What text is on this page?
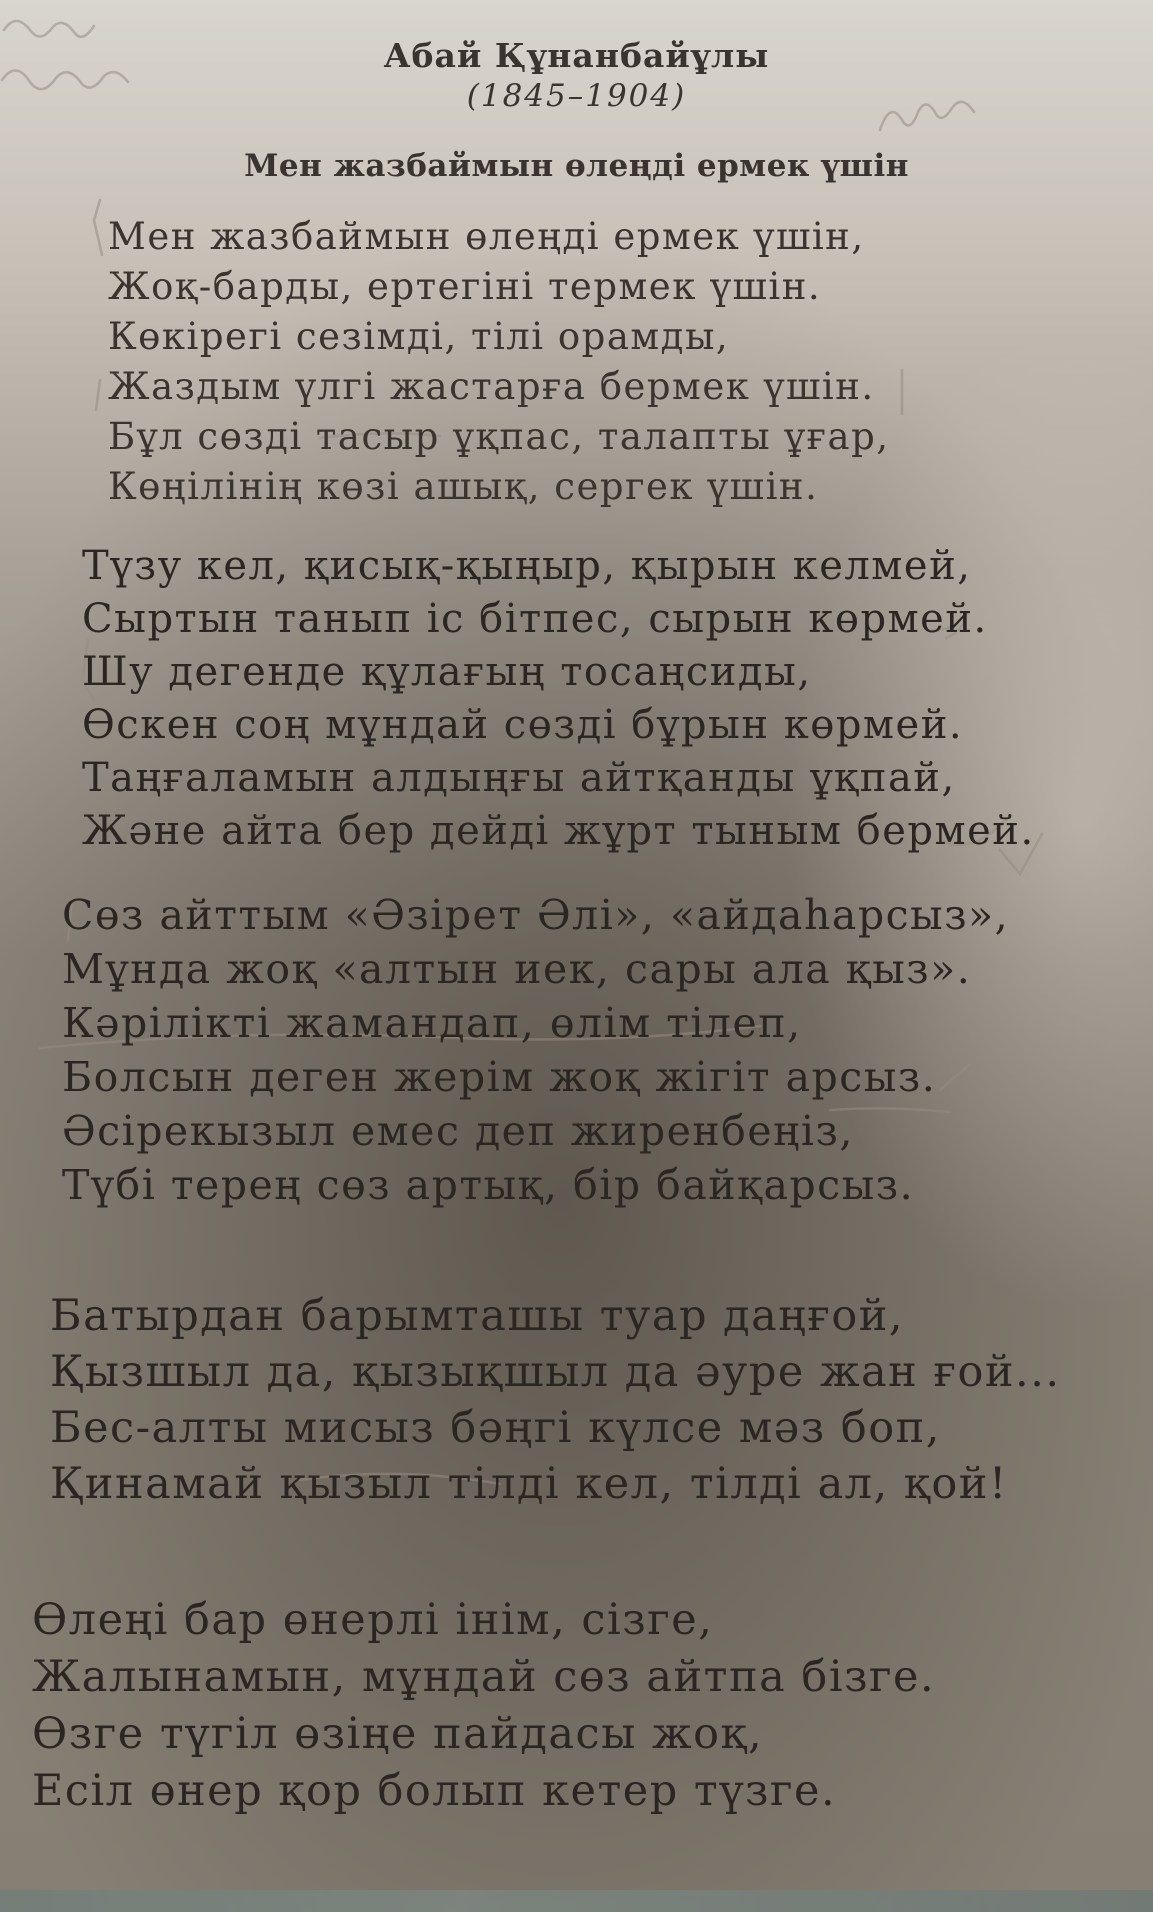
Абай Құнанбайұлы
(1845–1904)
Мен жазбаймын өлеңді ермек үшін
Мен жазбаймын өлеңді ермек үшін,
Жоқ-барды, ертегіні термек үшін.
Көкірегі сезімді, тілі орамды,
Жаздым үлгі жастарға бермек үшін.
Бұл сөзді тасыр ұқпас, талапты ұғар,
Көңілінің көзі ашық, сергек үшін.
Түзу кел, қисық-қыңыр, қырын келмей,
Сыртын танып іс бітпес, сырын көрмей.
Шу дегенде құлағың тосаңсиды,
Өскен соң мұндай сөзді бұрын көрмей.
Таңғаламын алдыңғы айтқанды ұқпай,
Және айта бер дейді жұрт тыным бермей.
Сөз айттым «Әзірет Әлі», «айдаһарсыз»,
Мұнда жоқ «алтын иек, сары ала қыз».
Кәрілікті жамандап, өлім тілеп,
Болсын деген жерім жоқ жігіт арсыз.
Әсірекызыл емес деп жиренбеңіз,
Түбі терең сөз артық, бір байқарсыз.
Батырдан барымташы туар даңғой,
Қызшыл да, қызықшыл да әуре жан ғой...
Бес-алты мисыз бәңгі күлсе мәз боп,
Қинамай қызыл тілді кел, тілді ал, қой!
Өлеңі бар өнерлі інім, сізге,
Жалынамын, мұндай сөз айтпа бізге.
Өзге түгіл өзіңе пайдасы жоқ,
Есіл өнер қор болып кетер түзге.
